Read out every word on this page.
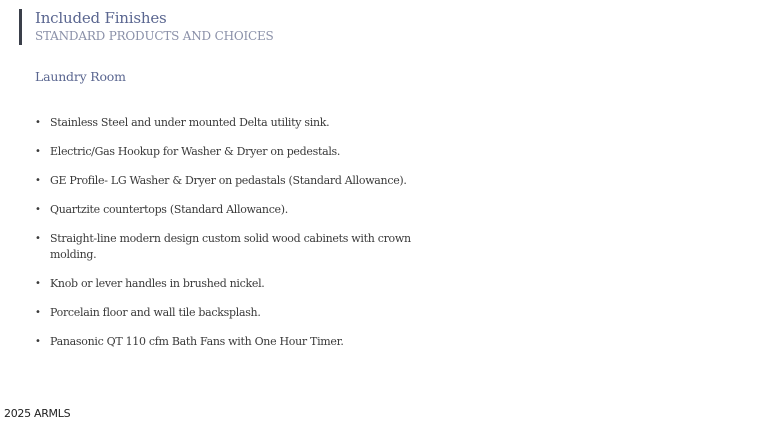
Included Finishes
STANDARD PRODUCTS AND CHOICES
Laundry Room
• Stainless Steel and under mounted Delta utility sink.
• Electric/Gas Hookup for Washer & Dryer on pedestals.
• GE Profile- LG Washer & Dryer on pedastals (Standard Allowance).
• Quartzite countertops (Standard Allowance).
• Straight-line modern design custom solid wood cabinets with crown molding.
• Knob or lever handles in brushed nickel.
• Porcelain floor and wall tile backsplash.
• Panasonic QT 110 cfm Bath Fans with One Hour Timer.
2025 ARMLS
